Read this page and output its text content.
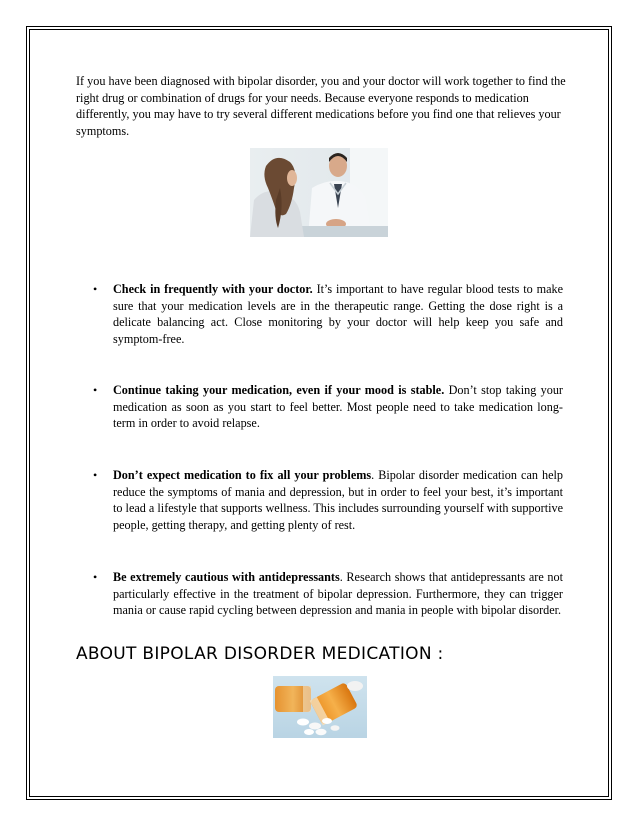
If you have been diagnosed with bipolar disorder, you and your doctor will work together to find the right drug or combination of drugs for your needs. Because everyone responds to medication differently, you may have to try several different medications before you find one that relieves your symptoms.

• Check in frequently with your doctor. It’s important to have regular blood tests to make sure that your medication levels are in the therapeutic range. Getting the dose right is a delicate balancing act. Close monitoring by your doctor will help keep you safe and symptom-free.
• Continue taking your medication, even if your mood is stable. Don’t stop taking your medication as soon as you start to feel better. Most people need to take medication long-term in order to avoid relapse.
• Don’t expect medication to fix all your problems. Bipolar disorder medication can help reduce the symptoms of mania and depression, but in order to feel your best, it’s important to lead a lifestyle that supports wellness. This includes surrounding yourself with supportive people, getting therapy, and getting plenty of rest.
• Be extremely cautious with antidepressants. Research shows that antidepressants are not particularly effective in the treatment of bipolar depression. Furthermore, they can trigger mania or cause rapid cycling between depression and mania in people with bipolar disorder.
ABOUT BIPOLAR DISORDER MEDICATION :
